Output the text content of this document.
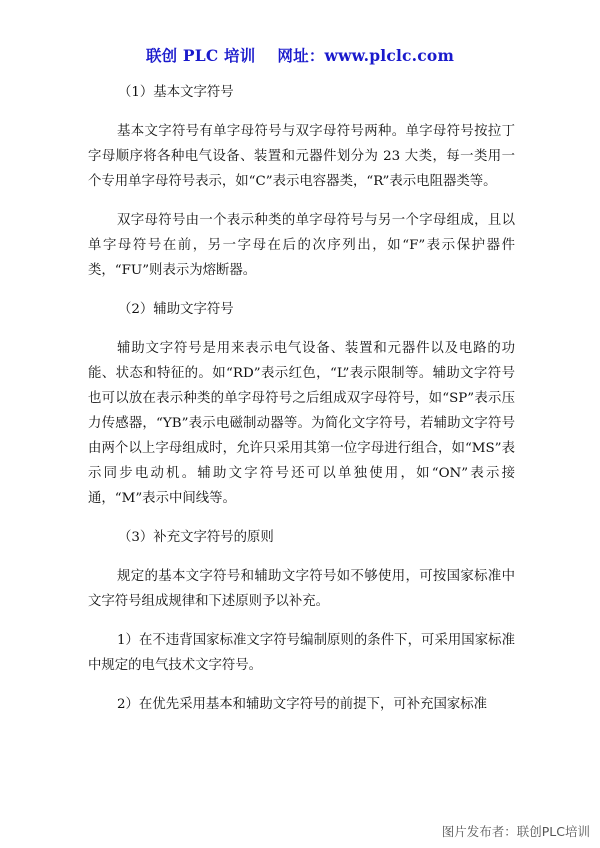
联创 PLC 培训 网址：www.plclc.com
（1）基本文字符号

基本文字符号有单字母符号与双字母符号两种。单字母符号按拉丁字母顺序将各种电气设备、装置和元器件划分为 23 大类，每一类用一个专用单字母符号表示，如“C”表示电容器类，“R”表示电阻器类等。

双字母符号由一个表示种类的单字母符号与另一个字母组成，且以单字母符号在前，另一字母在后的次序列出，如“F”表示保护器件类，“FU”则表示为熔断器。

（2）辅助文字符号

辅助文字符号是用来表示电气设备、装置和元器件以及电路的功能、状态和特征的。如“RD”表示红色，“L”表示限制等。辅助文字符号也可以放在表示种类的单字母符号之后组成双字母符号，如“SP”表示压力传感器，“YB”表示电磁制动器等。为简化文字符号，若辅助文字符号由两个以上字母组成时，允许只采用其第一位字母进行组合，如“MS”表示同步电动机。辅助文字符号还可以单独使用，如“ON”表示接通，“M”表示中间线等。

（3）补充文字符号的原则

规定的基本文字符号和辅助文字符号如不够使用，可按国家标准中文字符号组成规律和下述原则予以补充。

1）在不违背国家标准文字符号编制原则的条件下，可采用国家标准中规定的电气技术文字符号。

2）在优先采用基本和辅助文字符号的前提下，可补充国家标准

图片发布者：联创PLC培训
